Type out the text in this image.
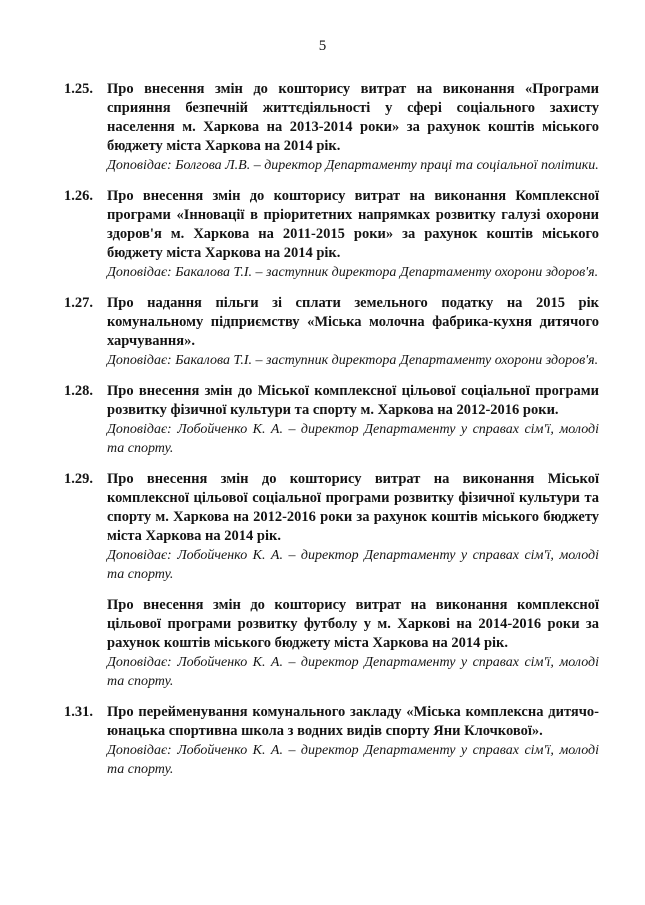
5
1.25. Про внесення змін до кошторису витрат на виконання «Програми сприяння безпечній життєдіяльності у сфері соціального захисту населення м. Харкова на 2013-2014 роки» за рахунок коштів міського бюджету міста Харкова на 2014 рік.
Доповідає: Болгова Л.В. – директор Департаменту праці та соціальної політики.
1.26. Про внесення змін до кошторису витрат на виконання Комплексної програми «Інновації в пріоритетних напрямках розвитку галузі охорони здоров'я м. Харкова на 2011-2015 роки» за рахунок коштів міського бюджету міста Харкова на 2014 рік.
Доповідає: Бакалова Т.І. – заступник директора Департаменту охорони здоров'я.
1.27. Про надання пільги зі сплати земельного податку на 2015 рік комунальному підприємству «Міська молочна фабрика-кухня дитячого харчування».
Доповідає: Бакалова Т.І. – заступник директора Департаменту охорони здоров'я.
1.28. Про внесення змін до Міської комплексної цільової соціальної програми розвитку фізичної культури та спорту м. Харкова на 2012-2016 роки.
Доповідає: Лобойченко К. А. – директор Департаменту у справах сім'ї, молоді та спорту.
1.29. Про внесення змін до кошторису витрат на виконання Міської комплексної цільової соціальної програми розвитку фізичної культури та спорту м. Харкова на 2012-2016 роки за рахунок коштів міського бюджету міста Харкова на 2014 рік.
Доповідає: Лобойченко К. А. – директор Департаменту у справах сім'ї, молоді та спорту.
Про внесення змін до кошторису витрат на виконання комплексної цільової програми розвитку футболу у м. Харкові на 2014-2016 роки за рахунок коштів міського бюджету міста Харкова на 2014 рік.
Доповідає: Лобойченко К. А. – директор Департаменту у справах сім'ї, молоді та спорту.
1.31. Про перейменування комунального закладу «Міська комплексна дитячо-юнацька спортивна школа з водних видів спорту Яни Клочкової».
Доповідає: Лобойченко К. А. – директор Департаменту у справах сім'ї, молоді та спорту.
